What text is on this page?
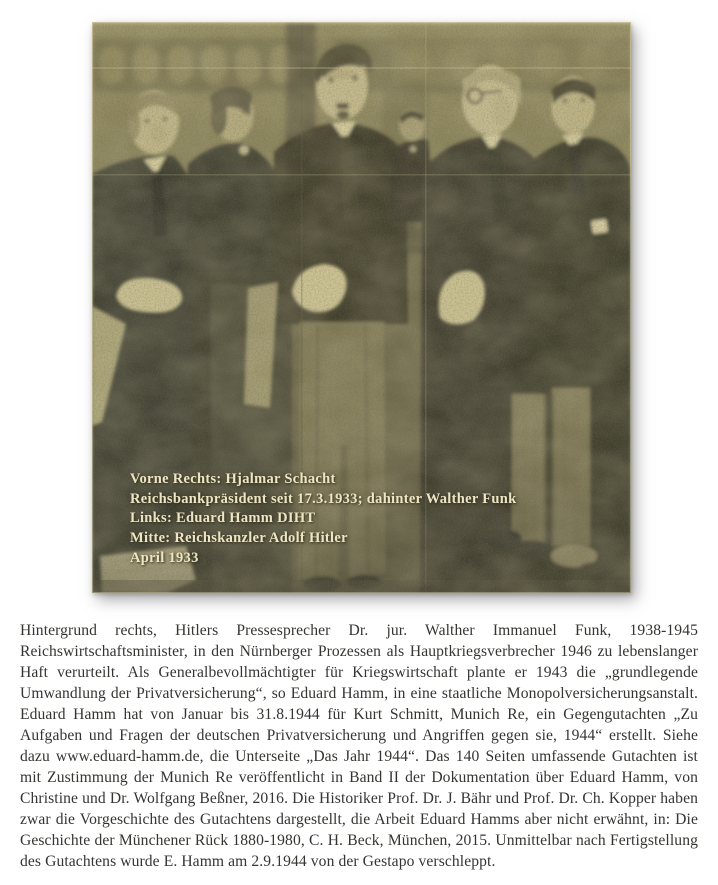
Vorne Rechts: Hjalmar Schacht
Reichsbankpräsident seit 17.3.1933; dahinter Walther Funk
Links: Eduard Hamm DIHT
Mitte: Reichskanzler Adolf Hitler
April 1933

Hintergrund rechts, Hitlers Pressesprecher Dr. jur. Walther Immanuel Funk, 1938-1945 Reichswirtschaftsminister, in den Nürnberger Prozessen als Hauptkriegsverbrecher 1946 zu lebenslanger Haft verurteilt. Als Generalbevollmächtigter für Kriegswirtschaft plante er 1943 die „grundlegende Umwandlung der Privatversicherung“, so Eduard Hamm, in eine staatliche Monopolversicherungsanstalt. Eduard Hamm hat von Januar bis 31.8.1944 für Kurt Schmitt, Munich Re, ein Gegengutachten „Zu Aufgaben und Fragen der deutschen Privatversicherung und Angriffen gegen sie, 1944“ erstellt. Siehe dazu www.eduard-hamm.de, die Unterseite „Das Jahr 1944“. Das 140 Seiten umfassende Gutachten ist mit Zustimmung der Munich Re veröffentlicht in Band II der Dokumentation über Eduard Hamm, von Christine und Dr. Wolfgang Beßner, 2016. Die Historiker Prof. Dr. J. Bähr und Prof. Dr. Ch. Kopper haben zwar die Vorgeschichte des Gutachtens dargestellt, die Arbeit Eduard Hamms aber nicht erwähnt, in: Die Geschichte der Münchener Rück 1880-1980, C. H. Beck, München, 2015. Unmittelbar nach Fertigstellung des Gutachtens wurde E. Hamm am 2.9.1944 von der Gestapo verschleppt.
